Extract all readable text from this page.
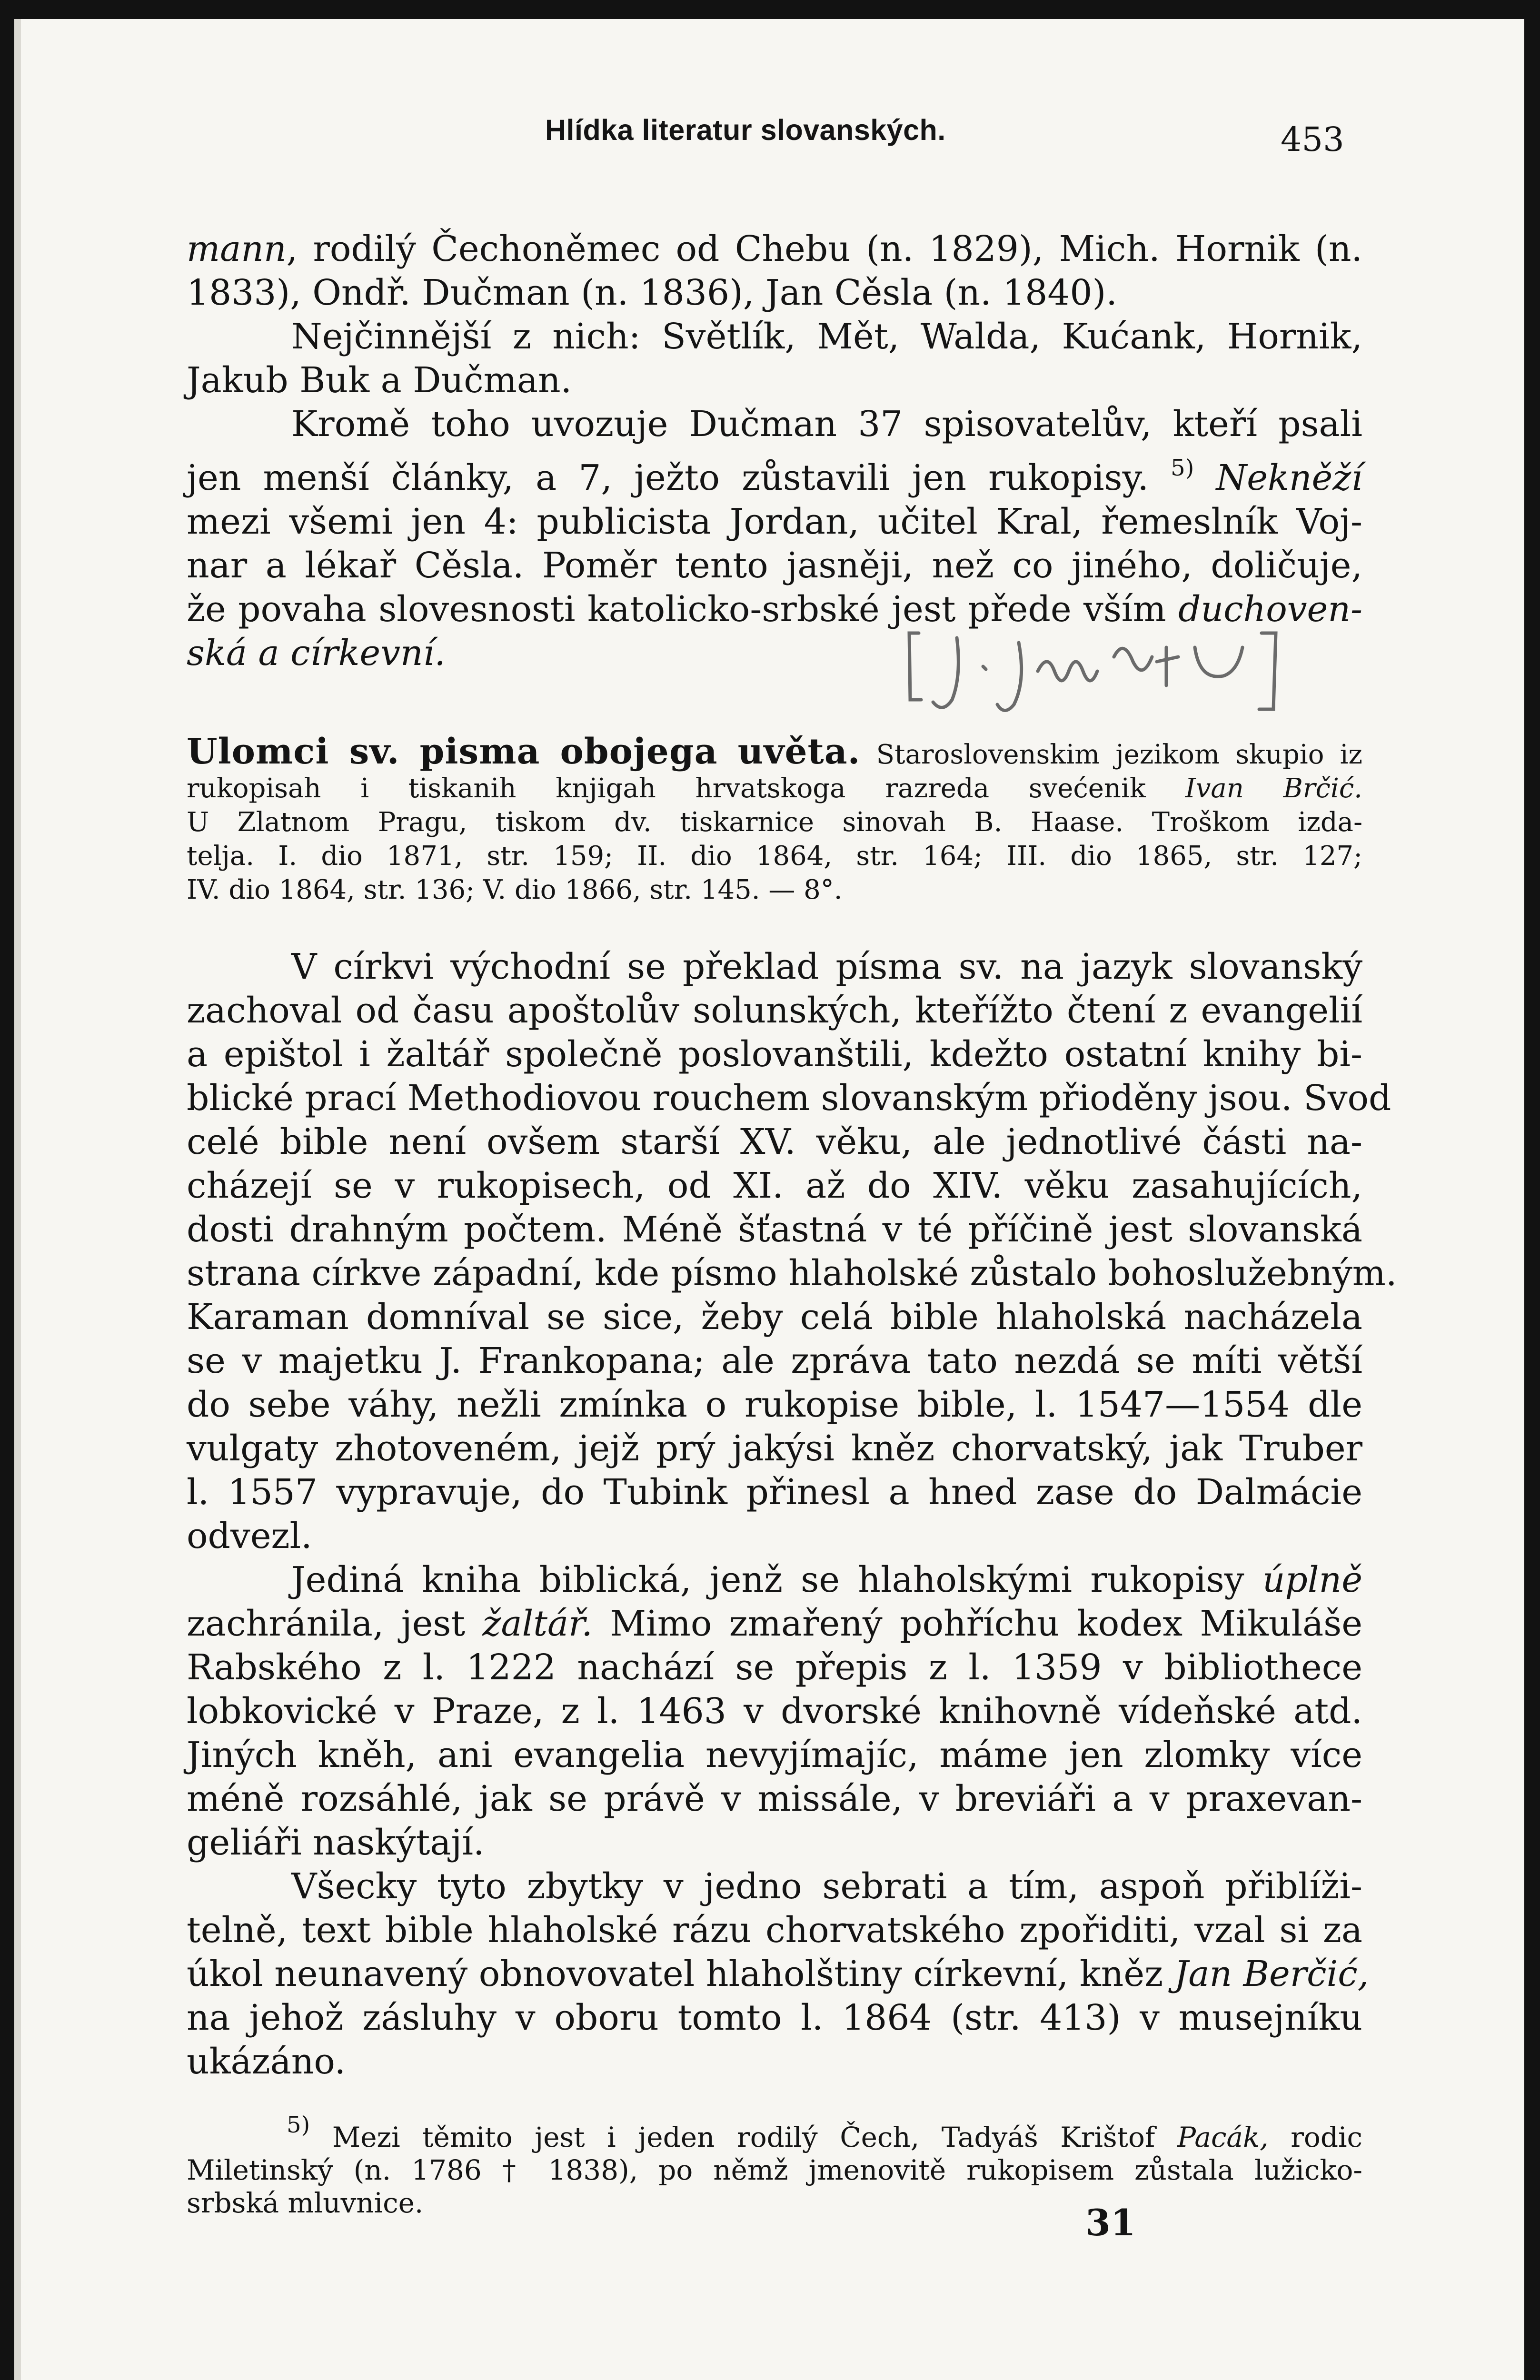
Hlídka literatur slovanských.	453

mann, rodilý Čechoněmec od Chebu (n. 1829), Mich. Hornik (n.
1833), Ondř. Dučman (n. 1836), Jan Cěsla (n. 1840).

Nejčinnější z nich: Světlík, Mět, Walda, Kućank, Hornik,
Jakub Buk a Dučman.

Kromě toho uvozuje Dučman 37 spisovatelův, kteří psali
jen menší články, a 7, ježto zůstavili jen rukopisy. $^{5)}$ Nekněží
mezi všemi jen 4: publicista Jordan, učitel Kral, řemeslník Voj-
nar a lékař Cěsla. Poměr tento jasněji, než co jiného, doličuje,
že povaha slovesnosti katolicko-srbské jest přede vším duchoven-
ská a církevní.

Ulomci sv. pisma obojega uvěta. Staroslovenskim jezikom skupio iz
rukopisah i tiskanih knjigah hrvatskoga razreda svećenik Ivan Brčić.
U Zlatnom Pragu, tiskom dv. tiskarnice sinovah B. Haase. Troškom izda-
telja. I. dio 1871, str. 159; II. dio 1864, str. 164; III. dio 1865, str. 127;
IV. dio 1864, str. 136; V. dio 1866, str. 145. — 8°.

V církvi východní se překlad písma sv. na jazyk slovanský
zachoval od času apoštolův solunských, kteřížto čtení z evangelií
a epištol i žaltář společně poslovanštili, kdežto ostatní knihy bi-
blické prací Methodiovou rouchem slovanským přioděny jsou. Svod
celé bible není ovšem starší XV. věku, ale jednotlivé části na-
cházejí se v rukopisech, od XI. až do XIV. věku zasahujících,
dosti drahným počtem. Méně šťastná v té příčině jest slovanská
strana církve západní, kde písmo hlaholské zůstalo bohoslužebným.
Karaman domníval se sice, žeby celá bible hlaholská nacházela
se v majetku J. Frankopana; ale zpráva tato nezdá se míti větší
do sebe váhy, nežli zmínka o rukopise bible, l. 1547—1554 dle
vulgaty zhotoveném, jejž prý jakýsi kněz chorvatský, jak Truber
l. 1557 vypravuje, do Tubink přinesl a hned zase do Dalmácie
odvezl.

Jediná kniha biblická, jenž se hlaholskými rukopisy úplně
zachránila, jest žaltář. Mimo zmařený pohříchu kodex Mikuláše
Rabského z l. 1222 nachází se přepis z l. 1359 v bibliothece
lobkovické v Praze, z l. 1463 v dvorské knihovně vídeňské atd.
Jiných kněh, ani evangelia nevyjímajíc, máme jen zlomky více
méně rozsáhlé, jak se právě v missále, v breviáři a v praxevan-
geliáři naskýtají.

Všecky tyto zbytky v jedno sebrati a tím, aspoň přiblíži-
telně, text bible hlaholské rázu chorvatského zpořiditi, vzal si za
úkol neunavený obnovovatel hlaholštiny církevní, kněz Jan Berčić,
na jehož zásluhy v oboru tomto l. 1864 (str. 413) v musejníku
ukázáno.

$^{5)}$ Mezi těmito jest i jeden rodilý Čech, Tadyáš Krištof Pacák, rodic
Miletinský (n. 1786 † 1838), po němž jmenovitě rukopisem zůstala lužicko-
srbská mluvnice.	31
